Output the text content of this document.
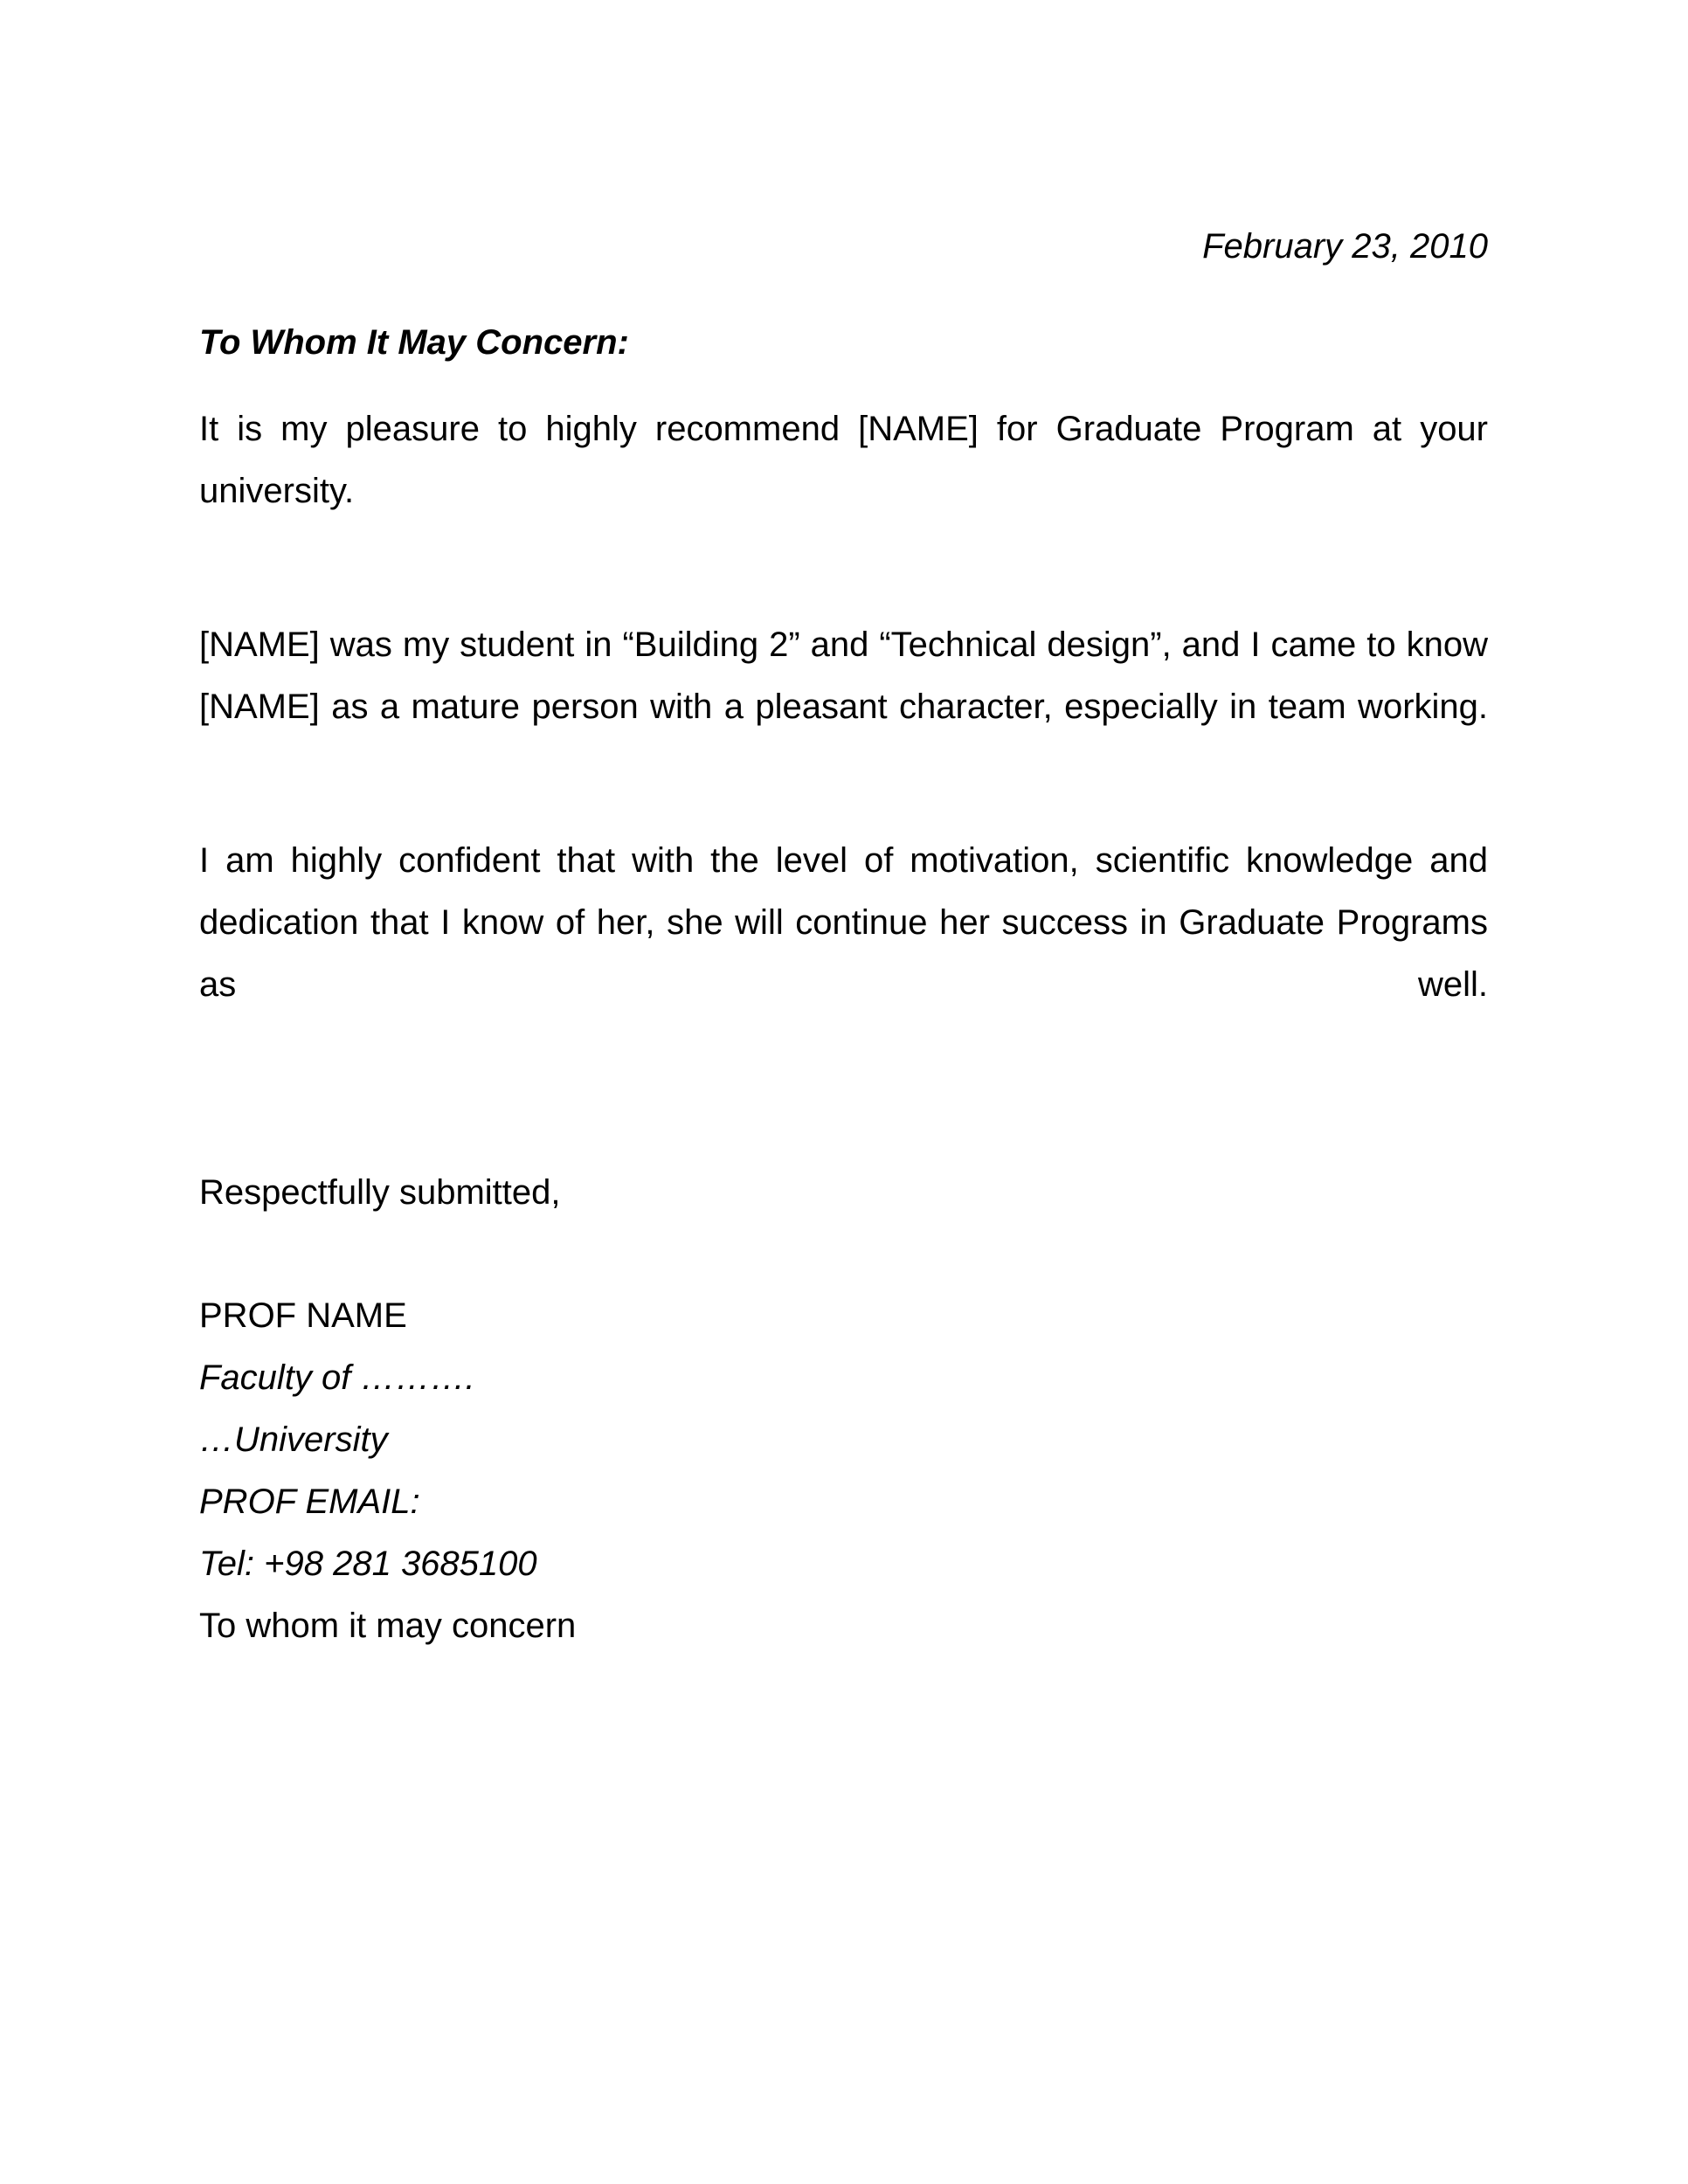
February 23, 2010
To Whom It May Concern:

It is my pleasure to highly recommend [NAME] for Graduate Program at your university.

[NAME] was my student in “Building 2” and “Technical design”, and I came to know [NAME] as a mature person with a pleasant character, especially in team working.

I am highly confident that with the level of motivation, scientific knowledge and dedication that I know of her, she will continue her success in Graduate Programs as well.

Respectfully submitted,
PROF NAME
Faculty of ……….
…University
PROF EMAIL:
Tel: +98 281 3685100
To whom it may concern
